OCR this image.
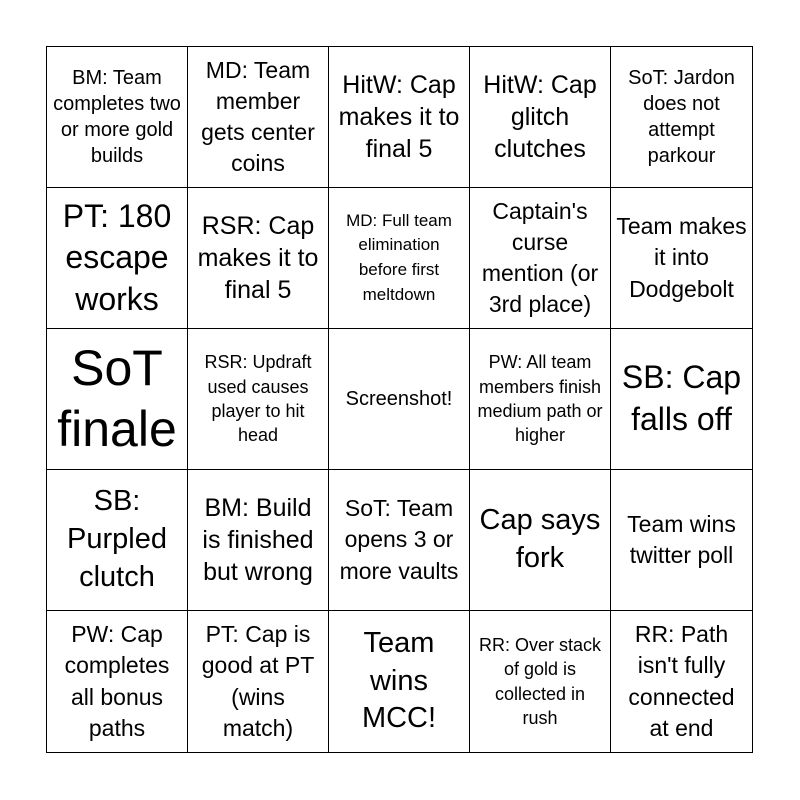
BM: Team completes two or more gold builds
MD: Team member gets center coins
HitW: Cap makes it to final 5
HitW: Cap glitch clutches
SoT: Jardon does not attempt parkour
PT: 180 escape works
RSR: Cap makes it to final 5
MD: Full team elimination before first meltdown
Captain's curse mention (or 3rd place)
Team makes it into Dodgebolt
SoT finale
RSR: Updraft used causes player to hit head
Screenshot!
PW: All team members finish medium path or higher
SB: Cap falls off
SB: Purpled clutch
BM: Build is finished but wrong
SoT: Team opens 3 or more vaults
Cap says fork
Team wins twitter poll
PW: Cap completes all bonus paths
PT: Cap is good at PT (wins match)
Team wins MCC!
RR: Over stack of gold is collected in rush
RR: Path isn't fully connected at end
